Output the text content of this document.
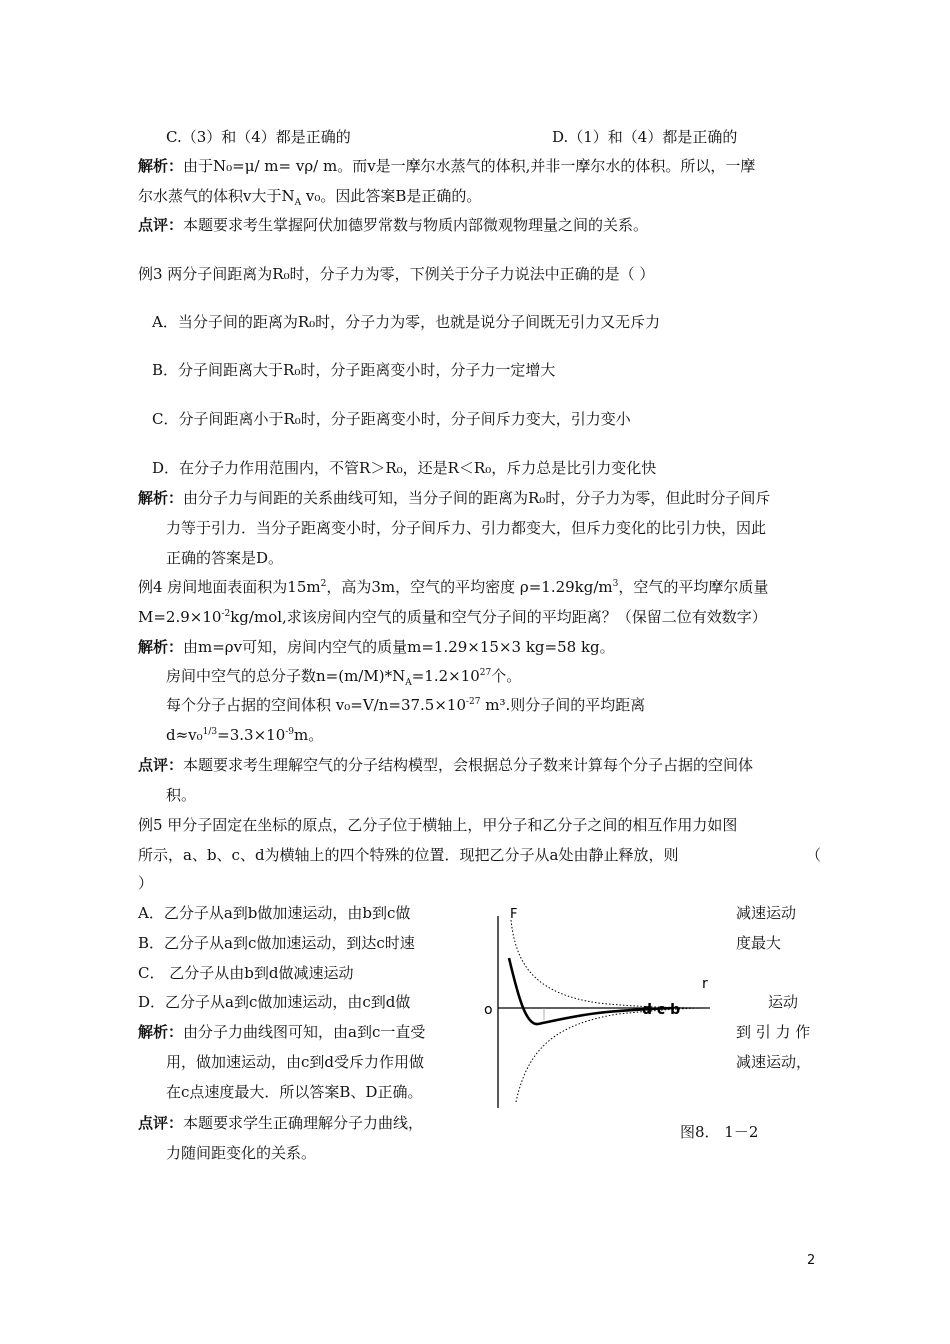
C.（3）和（4）都是正确的	D.（1）和（4）都是正确的
解析：由于N₀=μ/ m= vρ/ m。而v是一摩尔水蒸气的体积,并非一摩尔水的体积。所以，一摩
尔水蒸气的体积v大于$N_A$ v₀。因此答案B是正确的。
点评：本题要求考生掌握阿伏加德罗常数与物质内部微观物理量之间的关系。
例3 两分子间距离为R₀时，分子力为零，下例关于分子力说法中正确的是（ ）
A．当分子间的距离为R₀时，分子力为零，也就是说分子间既无引力又无斥力
B．分子间距离大于R₀时，分子距离变小时，分子力一定增大
C．分子间距离小于R₀时，分子距离变小时，分子间斥力变大，引力变小
D．在分子力作用范围内，不管R＞R₀，还是R＜R₀，斥力总是比引力变化快
解析：由分子力与间距的关系曲线可知，当分子间的距离为R₀时，分子力为零，但此时分子间斥
力等于引力．当分子距离变小时，分子间斥力、引力都变大，但斥力变化的比引力快，因此
正确的答案是D。
例4 房间地面表面积为$15m^2$，高为3m，空气的平均密度 $\rho=1.29kg/m^3$，空气的平均摩尔质量
$M=2.9\times 10^{-2}kg$/mol,求该房间内空气的质量和空气分子间的平均距离？（保留二位有效数字）
解析：由m=ρv可知，房间内空气的质量m=1.29×15×3 kg=58 kg。
房间中空气的总分子数$n=(m/M)*N_A=1.2\times 10^{27}$个。
每个分子占据的空间体积 $v_0=V/n=37.5\times 10^{-27}$ m³.则分子间的平均距离
$d\approx v_0^{1/3}=3.3\times 10^{-9}m$。
点评：本题要求考生理解空气的分子结构模型，会根据总分子数来计算每个分子占据的空间体
积。
例5 甲分子固定在坐标的原点，乙分子位于横轴上，甲分子和乙分子之间的相互作用力如图
所示，a、b、c、d为横轴上的四个特殊的位置．现把乙分子从a处由静止释放，则	（
）
A．乙分子从a到b做加速运动，由b到c做	减速运动
B．乙分子从a到c做加速运动，到达c时速	度最大
C． 乙分子从由b到d做减速运动
D．乙分子从a到c做加速运动，由c到d做	运动
解析：由分子力曲线图可知，由a到c一直受	到 引 力 作
用，做加速运动，由c到d受斥力作用做	减速运动，
在c点速度最大．所以答案B、D正确。
点评：本题要求学生正确理解分子力曲线，
力随间距变化的关系。
F
r
o	d c b
图8． 1－2
2
